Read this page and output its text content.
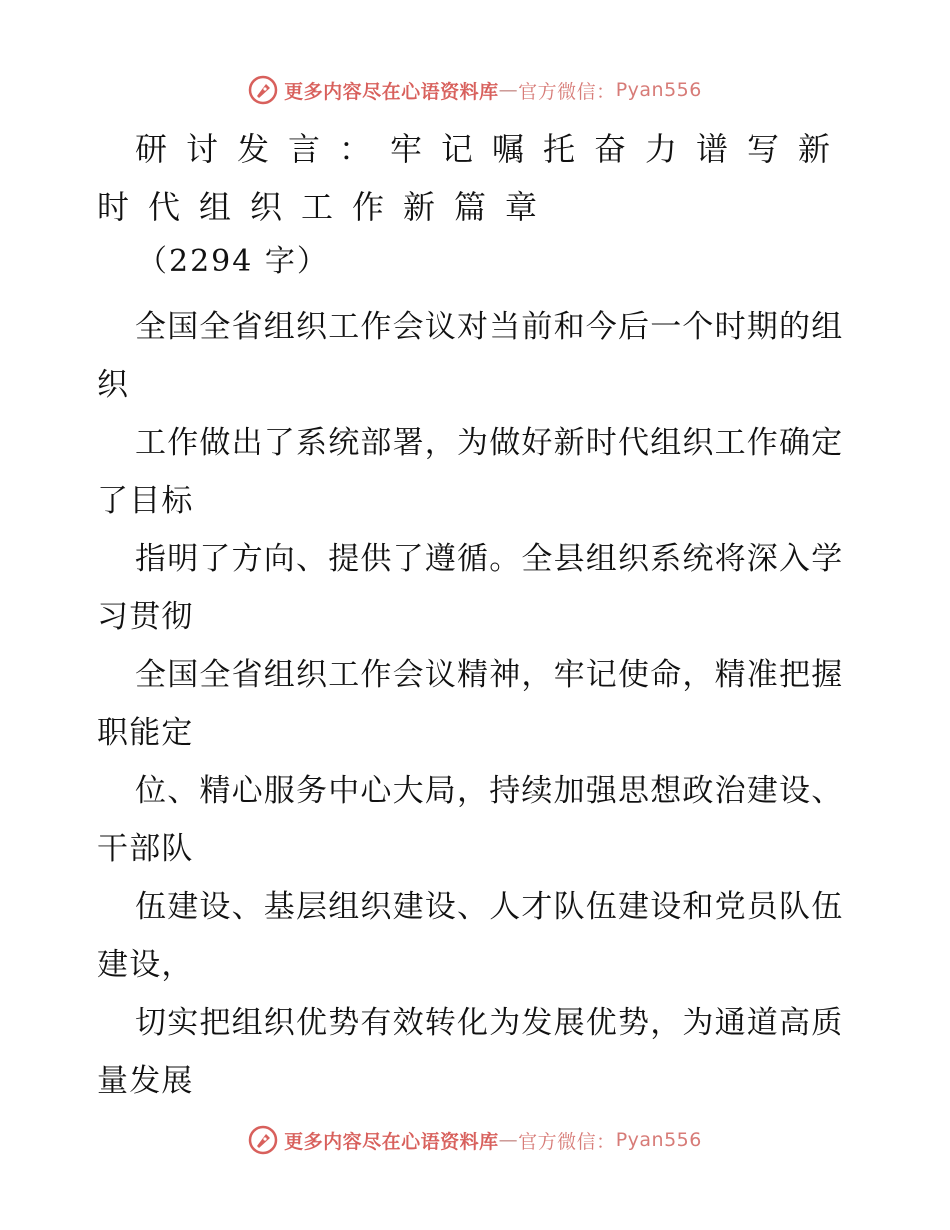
更多内容尽在心语资料库 — 官方微信： Pyan556
研讨发言：牢记嘱托奋力谱写新时代组织工作新篇章
（2294 字）

全国全省组织工作会议对当前和今后一个时期的组织

工作做出了系统部署，为做好新时代组织工作确定了目标

指明了方向、提供了遵循。全县组织系统将深入学习贯彻

全国全省组织工作会议精神，牢记使命，精准把握职能定

位、精心服务中心大局，持续加强思想政治建设、干部队

伍建设、基层组织建设、人才队伍建设和党员队伍建设，

切实把组织优势有效转化为发展优势，为通道高质量发展

更多内容尽在心语资料库 — 官方微信： Pyan556
